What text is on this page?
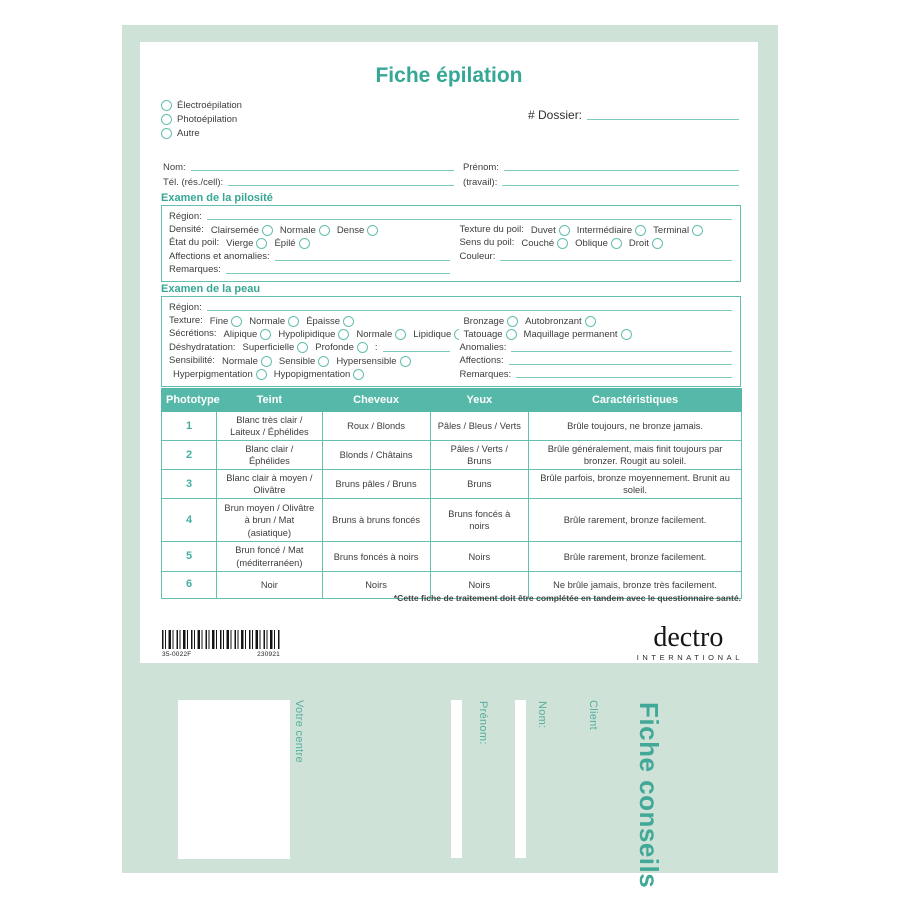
Fiche épilation
Électroépilation
Photoépilation
Autre
# Dossier:
Nom:	Prénom:
Tél. (rés./cell):	(travail):
Examen de la pilosité
Région:
Densité: Clairsemée Normale Dense	Texture du poil: Duvet Intermédiaire Terminal
État du poil: Vierge Épilé	Sens du poil: Couché Oblique Droit
Affections et anomalies:	Couleur:
Remarques:
Examen de la peau
Région:
Texture: Fine Normale Épaisse	Bronzage Autobronzant
Sécrétions: Alipique Hypolipidique Normale Lipidique Tatouage Maquillage permanent
Déshydratation: Superficielle Profonde :	Anomalies:
Sensibilité: Normale Sensible Hypersensible	Affections:
Hyperpigmentation Hypopigmentation	Remarques:
Phototype	Teint	Cheveux	Yeux	Caractéristiques
1	Blanc très clair / Laiteux / Éphélides	Roux / Blonds	Pâles / Bleus / Verts	Brûle toujours, ne bronze jamais.
2	Blanc clair / Éphélides	Blonds / Châtains	Pâles / Verts / Bruns	Brûle généralement, mais finit toujours par bronzer. Rougit au soleil.
3	Blanc clair à moyen / Olivâtre	Bruns pâles / Bruns	Bruns	Brûle parfois, bronze moyennement. Brunit au soleil.
4	Brun moyen / Olivâtre à brun / Mat (asiatique)	Bruns à bruns foncés	Bruns foncés à noirs	Brûle rarement, bronze facilement.
5	Brun foncé / Mat (méditerranéen)	Bruns foncés à noirs	Noirs	Brûle rarement, bronze facilement.
6	Noir	Noirs	Noirs	Ne brûle jamais, bronze très facilement.
*Cette fiche de traitement doit être complétée en tandem avec le questionnaire santé.
35-0022F	230921
dectro
INTERNATIONAL
Votre centre	Prénom:	Nom:	Client Fiche conseils
